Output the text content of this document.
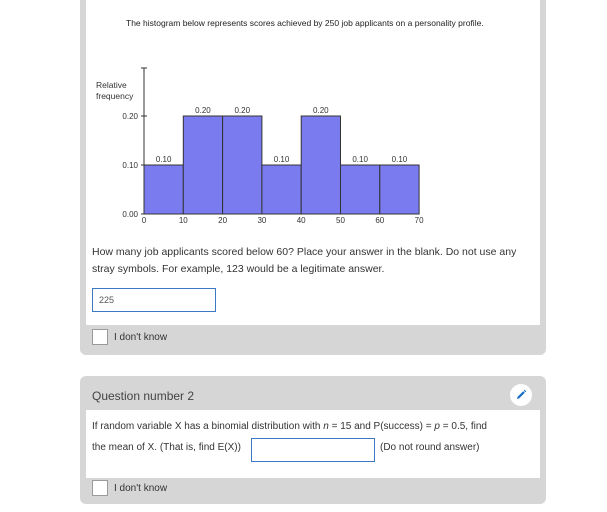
The histogram below represents scores achieved by 250 job applicants on a personality profile.
Relative
frequency
0.10
0.20	0.20
0.10
0.20
0.10	0.10
0.00
0.10
0.20
0	10	20	30	40	50	60	70
How many job applicants scored below 60? Place your answer in the blank. Do not use any
stray symbols. For example, 123 would be a legitimate answer.
225
I don't know
Question number 2
If random variable X has a binomial distribution with n = 15 and P(success) = p = 0.5, find
the mean of X. (That is, find E(X))	(Do not round answer)
I don't know
